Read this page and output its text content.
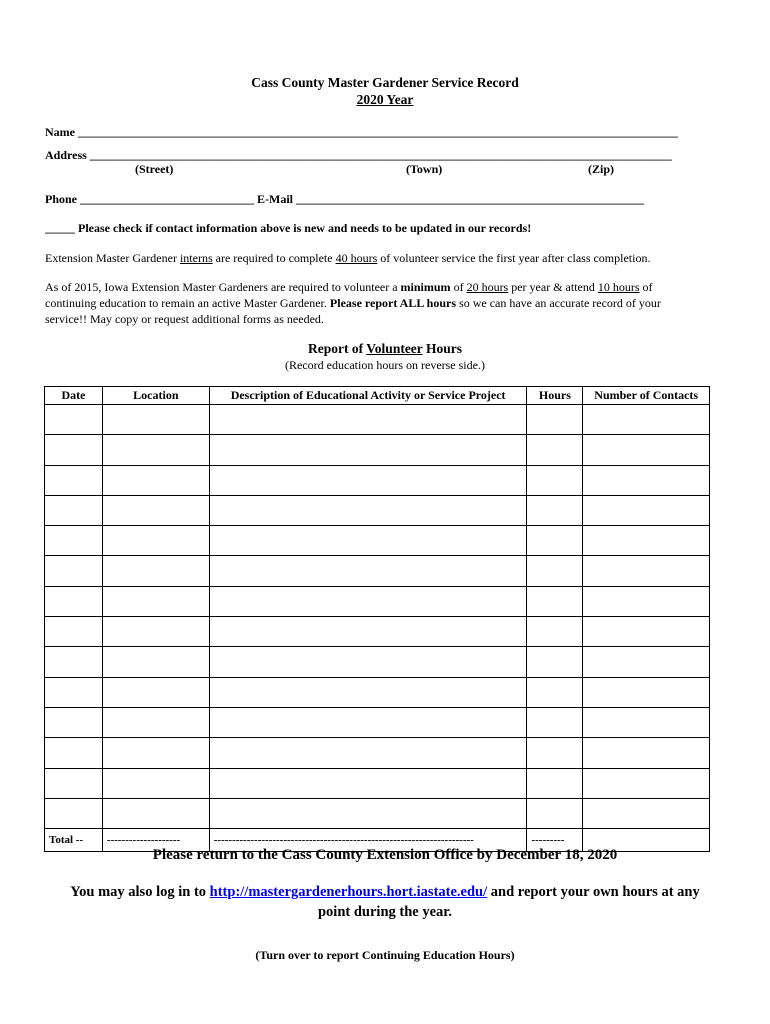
Cass County Master Gardener Service Record
2020 Year
Name ____________________________________________________________________________________________________
Address _________________________________________________________________________________________________
(Street)	(Town)	(Zip)
Phone _____________________________ E-Mail __________________________________________________________
_____ Please check if contact information above is new and needs to be updated in our records!
Extension Master Gardener interns are required to complete 40 hours of volunteer service the first year after class completion.
As of 2015, Iowa Extension Master Gardeners are required to volunteer a minimum of 20 hours per year & attend 10 hours of continuing education to remain an active Master Gardener. Please report ALL hours so we can have an accurate record of your service!! May copy or request additional forms as needed.
Report of Volunteer Hours
(Record education hours on reverse side.)
Date	Location	Description of Educational Activity or Service Project	Hours	Number of Contacts

Total --	--------------------	-----------------------------------------------------------------------	---------	
Please return to the Cass County Extension Office by December 18, 2020
You may also log in to http://mastergardenerhours.hort.iastate.edu/ and report your own hours at any
point during the year.
(Turn over to report Continuing Education Hours)
